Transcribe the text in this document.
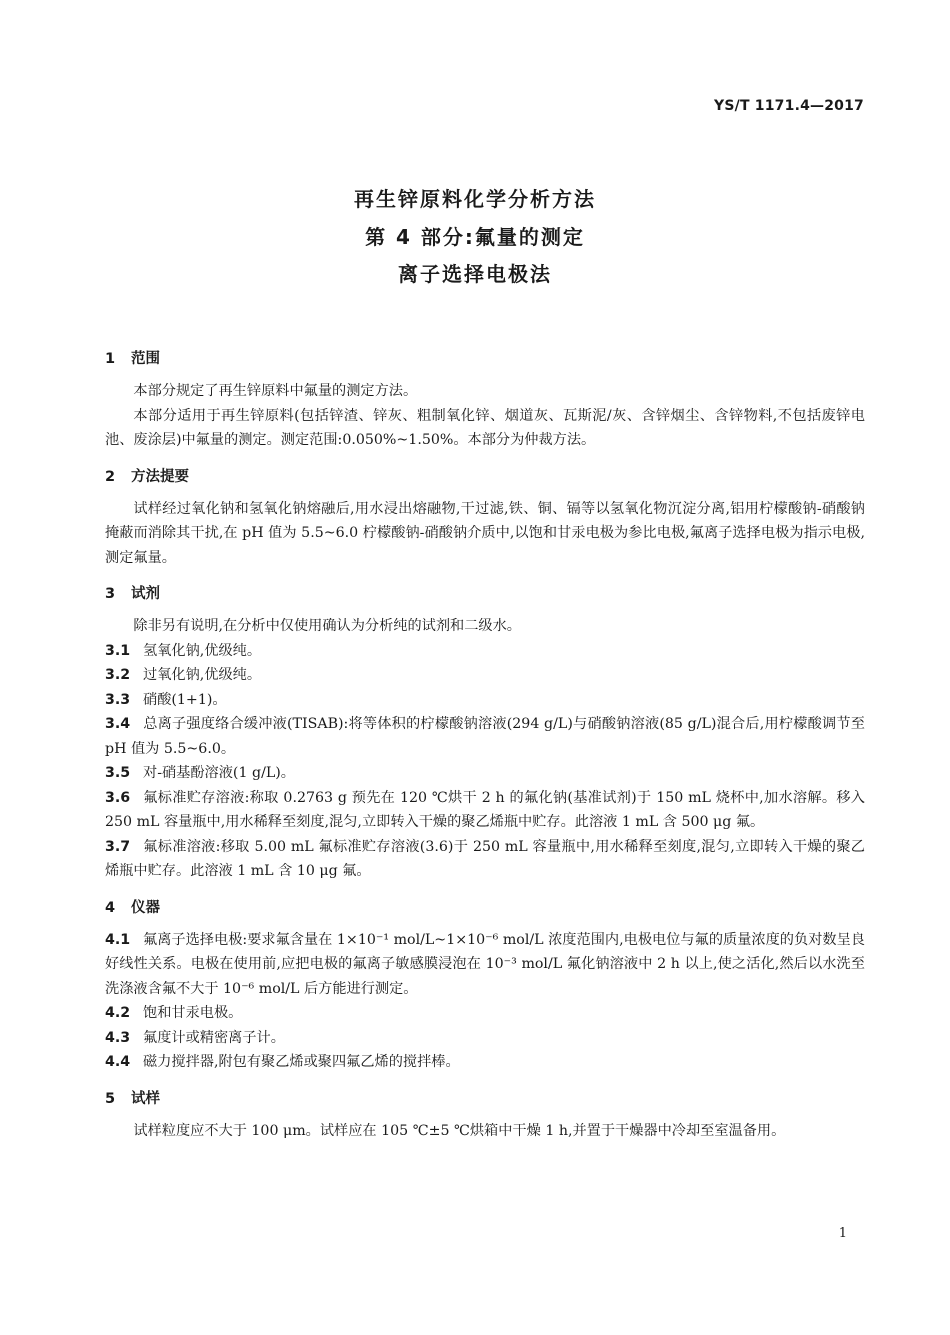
YS/T 1171.4—2017
再生锌原料化学分析方法
第 4 部分:氟量的测定
离子选择电极法
1 范围

本部分规定了再生锌原料中氟量的测定方法。

本部分适用于再生锌原料(包括锌渣、锌灰、粗制氧化锌、烟道灰、瓦斯泥/灰、含锌烟尘、含锌物料,不包括废锌电池、废涂层)中氟量的测定。测定范围:0.050%~1.50%。本部分为仲裁方法。

2 方法提要

试样经过氧化钠和氢氧化钠熔融后,用水浸出熔融物,干过滤,铁、铜、镉等以氢氧化物沉淀分离,铝用柠檬酸钠-硝酸钠掩蔽而消除其干扰,在 pH 值为 5.5~6.0 柠檬酸钠-硝酸钠介质中,以饱和甘汞电极为参比电极,氟离子选择电极为指示电极,测定氟量。

3 试剂

除非另有说明,在分析中仅使用确认为分析纯的试剂和二级水。

3.1 氢氧化钠,优级纯。

3.2 过氧化钠,优级纯。

3.3 硝酸(1+1)。

3.4 总离子强度络合缓冲液(TISAB):将等体积的柠檬酸钠溶液(294 g/L)与硝酸钠溶液(85 g/L)混合后,用柠檬酸调节至 pH 值为 5.5~6.0。

3.5 对-硝基酚溶液(1 g/L)。

3.6 氟标准贮存溶液:称取 0.2763 g 预先在 120 ℃烘干 2 h 的氟化钠(基准试剂)于 150 mL 烧杯中,加水溶解。移入 250 mL 容量瓶中,用水稀释至刻度,混匀,立即转入干燥的聚乙烯瓶中贮存。此溶液 1 mL 含 500 μg 氟。

3.7 氟标准溶液:移取 5.00 mL 氟标准贮存溶液(3.6)于 250 mL 容量瓶中,用水稀释至刻度,混匀,立即转入干燥的聚乙烯瓶中贮存。此溶液 1 mL 含 10 μg 氟。

4 仪器

4.1 氟离子选择电极:要求氟含量在 1×10⁻¹ mol/L~1×10⁻⁶ mol/L 浓度范围内,电极电位与氟的质量浓度的负对数呈良好线性关系。电极在使用前,应把电极的氟离子敏感膜浸泡在 10⁻³ mol/L 氟化钠溶液中 2 h 以上,使之活化,然后以水洗至洗涤液含氟不大于 10⁻⁶ mol/L 后方能进行测定。

4.2 饱和甘汞电极。

4.3 氟度计或精密离子计。

4.4 磁力搅拌器,附包有聚乙烯或聚四氟乙烯的搅拌棒。

5 试样

试样粒度应不大于 100 μm。试样应在 105 ℃±5 ℃烘箱中干燥 1 h,并置于干燥器中冷却至室温备用。

1
